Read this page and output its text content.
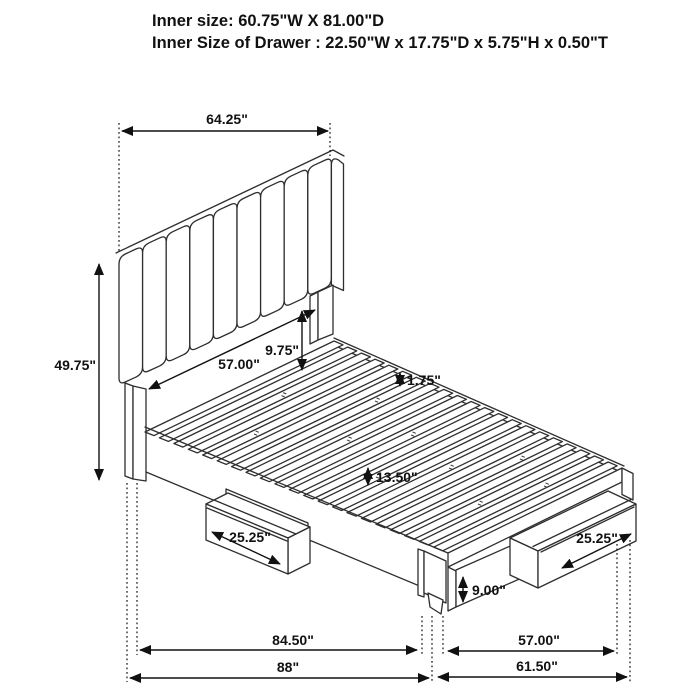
Inner size: 60.75"W X 81.00"D
Inner Size of Drawer : 22.50"W x 17.75"D x 5.75"H x 0.50"T
64.25"
49.75"	57.00"
9.75"
1.75"
13.50"
25.25"	25.25"
9.00"
84.50"
88"
57.00"
61.50"
